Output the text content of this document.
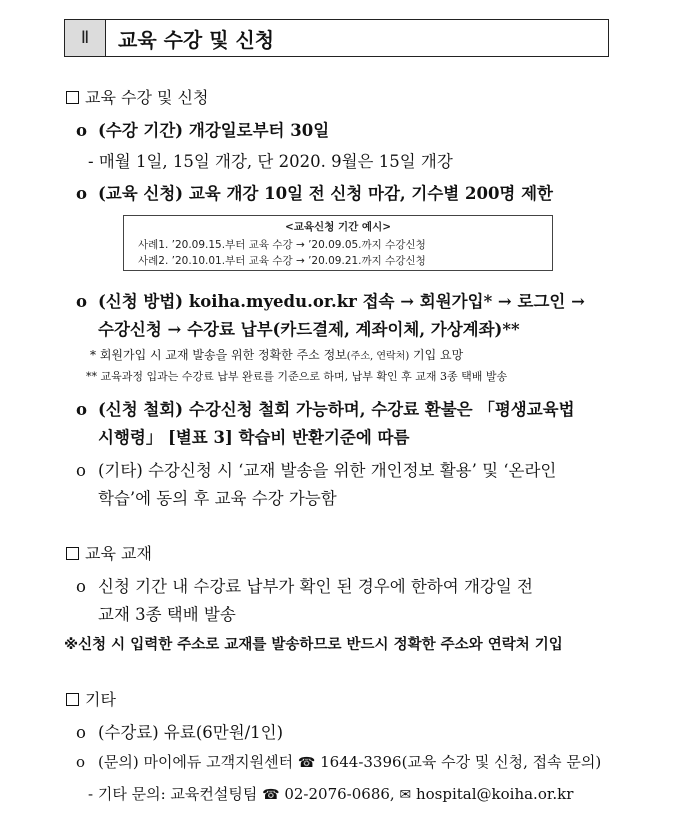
Ⅱ 교육 수강 및 신청
교육 수강 및 신청
ο (수강 기간) 개강일로부터 30일
- 매월 1일, 15일 개강, 단 2020. 9월은 15일 개강
ο (교육 신청) 교육 개강 10일 전 신청 마감, 기수별 200명 제한
<교육신청 기간 예시>
사례1. ’20.09.15.부터 교육 수강 → ’20.09.05.까지 수강신청
사례2. ’20.10.01.부터 교육 수강 → ’20.09.21.까지 수강신청
ο (신청 방법) koiha.myedu.or.kr 접속 → 회원가입* → 로그인 →
수강신청 → 수강료 납부(카드결제, 계좌이체, 가상계좌)**
* 회원가입 시 교재 발송을 위한 정확한 주소 정보(주소, 연락처) 기입 요망
** 교육과정 입과는 수강료 납부 완료를 기준으로 하며, 납부 확인 후 교재 3종 택배 발송
ο (신청 철회) 수강신청 철회 가능하며, 수강료 환불은 「평생교육법
시행령」 [별표 3] 학습비 반환기준에 따름
ο (기타) 수강신청 시 ‘교재 발송을 위한 개인정보 활용’ 및 ‘온라인
학습’에 동의 후 교육 수강 가능함
교육 교재
ο 신청 기간 내 수강료 납부가 확인 된 경우에 한하여 개강일 전
교재 3종 택배 발송
※신청 시 입력한 주소로 교재를 발송하므로 반드시 정확한 주소와 연락처 기입
기타
ο (수강료) 유료(6만원/1인)
ο (문의) 마이에듀 고객지원센터 ☎ 1644-3396(교육 수강 및 신청, 접속 문의)
- 기타 문의: 교육컨설팅팀 ☎ 02-2076-0686, ✉ hospital@koiha.or.kr
